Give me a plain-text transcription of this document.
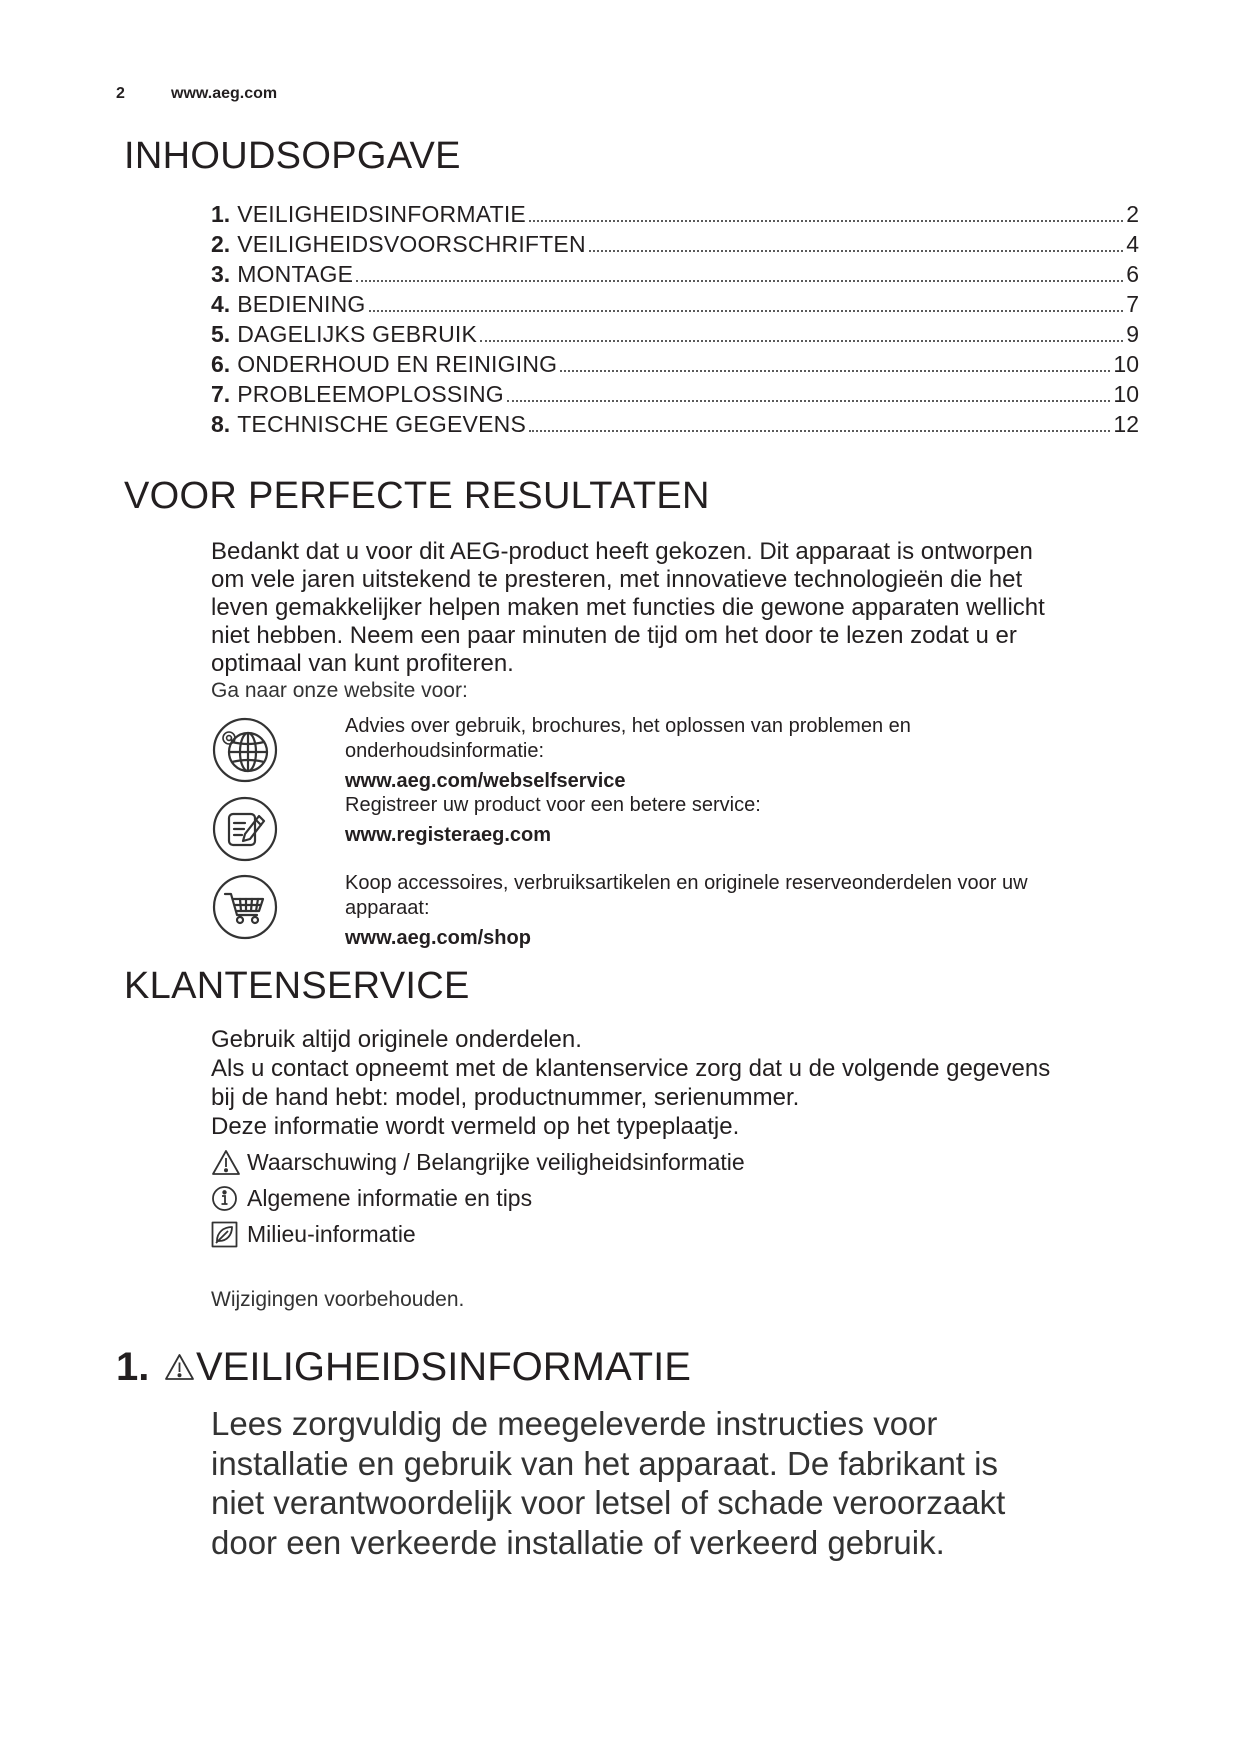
2	www.aeg.com
INHOUDSOPGAVE
1. VEILIGHEIDSINFORMATIE	2
2. VEILIGHEIDSVOORSCHRIFTEN	4
3. MONTAGE	6
4. BEDIENING	7
5. DAGELIJKS GEBRUIK	9
6. ONDERHOUD EN REINIGING	10
7. PROBLEEMOPLOSSING	10
8. TECHNISCHE GEGEVENS	12
VOOR PERFECTE RESULTATEN
Bedankt dat u voor dit AEG-product heeft gekozen. Dit apparaat is ontworpen
om vele jaren uitstekend te presteren, met innovatieve technologieën die het
leven gemakkelijker helpen maken met functies die gewone apparaten wellicht
niet hebben. Neem een paar minuten de tijd om het door te lezen zodat u er
optimaal van kunt profiteren.
Ga naar onze website voor:
Advies over gebruik, brochures, het oplossen van problemen en
onderhoudsinformatie:
www.aeg.com/webselfservice
Registreer uw product voor een betere service:
www.registeraeg.com
Koop accessoires, verbruiksartikelen en originele reserveonderdelen voor uw
apparaat:
www.aeg.com/shop
KLANTENSERVICE
Gebruik altijd originele onderdelen.
Als u contact opneemt met de klantenservice zorg dat u de volgende gegevens
bij de hand hebt: model, productnummer, serienummer.
Deze informatie wordt vermeld op het typeplaatje.
Waarschuwing / Belangrijke veiligheidsinformatie
Algemene informatie en tips
Milieu-informatie
Wijzigingen voorbehouden.
1.	VEILIGHEIDSINFORMATIE
Lees zorgvuldig de meegeleverde instructies voor
installatie en gebruik van het apparaat. De fabrikant is
niet verantwoordelijk voor letsel of schade veroorzaakt
door een verkeerde installatie of verkeerd gebruik.
